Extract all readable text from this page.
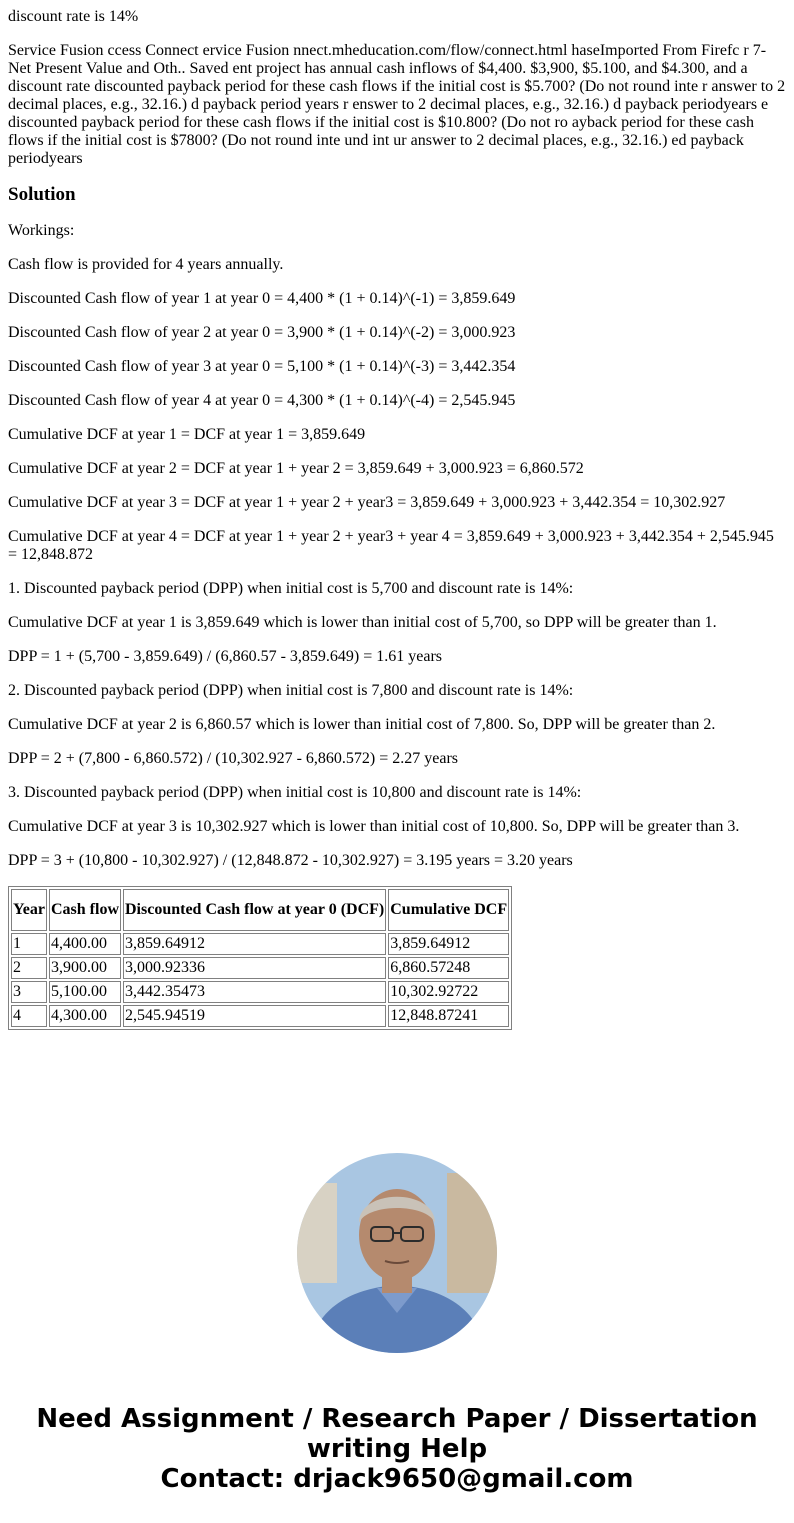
discount rate is 14%

Service Fusion ccess Connect ervice Fusion nnect.mheducation.com/flow/connect.html haseImported From Firefc r 7- Net Present Value and Oth.. Saved ent project has annual cash inflows of $4,400. $3,900, $5.100, and $4.300, and a discount rate discounted payback period for these cash flows if the initial cost is $5.700? (Do not round inte r answer to 2 decimal places, e.g., 32.16.) d payback period years r enswer to 2 decimal places, e.g., 32.16.) d payback periodyears e discounted payback period for these cash flows if the initial cost is $10.800? (Do not ro ayback period for these cash flows if the initial cost is $7800? (Do not round inte und int ur answer to 2 decimal places, e.g., 32.16.) ed payback periodyears

Solution

Workings:

Cash flow is provided for 4 years annually.

Discounted Cash flow of year 1 at year 0 = 4,400 * (1 + 0.14)^(-1) = 3,859.649

Discounted Cash flow of year 2 at year 0 = 3,900 * (1 + 0.14)^(-2) = 3,000.923

Discounted Cash flow of year 3 at year 0 = 5,100 * (1 + 0.14)^(-3) = 3,442.354

Discounted Cash flow of year 4 at year 0 = 4,300 * (1 + 0.14)^(-4) = 2,545.945

Cumulative DCF at year 1 = DCF at year 1 = 3,859.649

Cumulative DCF at year 2 = DCF at year 1 + year 2 = 3,859.649 + 3,000.923 = 6,860.572

Cumulative DCF at year 3 = DCF at year 1 + year 2 + year3 = 3,859.649 + 3,000.923 + 3,442.354 = 10,302.927

Cumulative DCF at year 4 = DCF at year 1 + year 2 + year3 + year 4 = 3,859.649 + 3,000.923 + 3,442.354 + 2,545.945 = 12,848.872

1. Discounted payback period (DPP) when initial cost is 5,700 and discount rate is 14%:

Cumulative DCF at year 1 is 3,859.649 which is lower than initial cost of 5,700, so DPP will be greater than 1.

DPP = 1 + (5,700 - 3,859.649) / (6,860.57 - 3,859.649) = 1.61 years

2. Discounted payback period (DPP) when initial cost is 7,800 and discount rate is 14%:

Cumulative DCF at year 2 is 6,860.57 which is lower than initial cost of 7,800. So, DPP will be greater than 2.

DPP = 2 + (7,800 - 6,860.572) / (10,302.927 - 6,860.572) = 2.27 years

3. Discounted payback period (DPP) when initial cost is 10,800 and discount rate is 14%:

Cumulative DCF at year 3 is 10,302.927 which is lower than initial cost of 10,800. So, DPP will be greater than 3.

DPP = 3 + (10,800 - 10,302.927) / (12,848.872 - 10,302.927) = 3.195 years = 3.20 years

Year	Cash flow	Discounted Cash flow at year 0 (DCF)	Cumulative DCF
1	4,400.00	3,859.64912	3,859.64912
2	3,900.00	3,000.92336	6,860.57248
3	5,100.00	3,442.35473	10,302.92722
4	4,300.00	2,545.94519	12,848.87241
Need Assignment / Research Paper / Dissertation
writing Help
Contact: drjack9650@gmail.com
